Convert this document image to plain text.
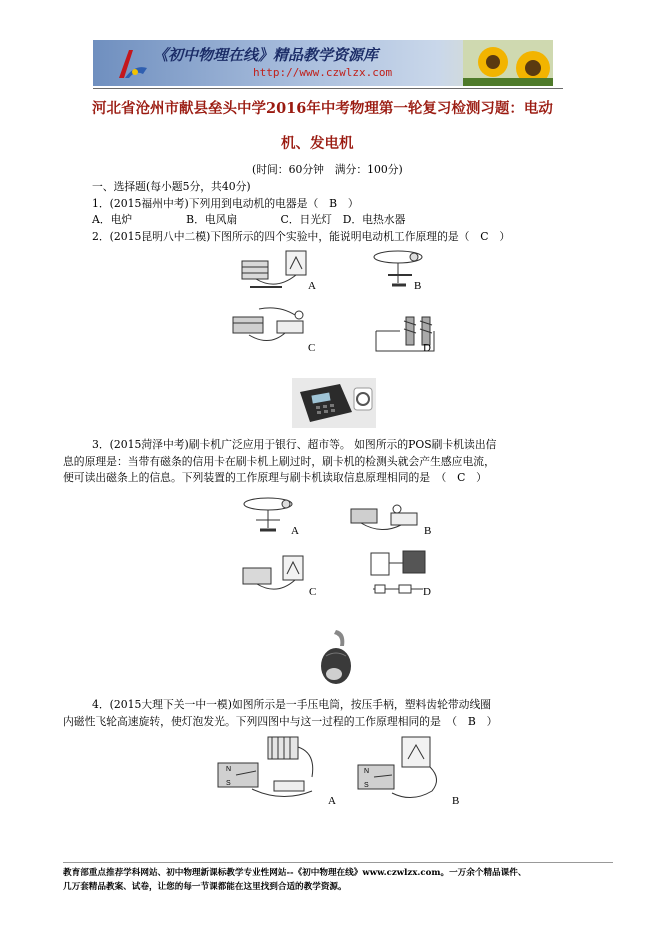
《初中物理在线》精品教学资源库
http://www.czwlzx.com
河北省沧州市献县垒头中学2016年中考物理第一轮复习检测习题：电动
机、发电机
(时间：60分钟　满分：100分)
一、选择题(每小题5分，共40分)
1．(2015福州中考)下列用到电动机的电器是（　B　）
A．电炉　　　　　B．电风扇　　　　C．日光灯　D．电热水器
2．(2015昆明八中二模)下图所示的四个实验中，能说明电动机工作原理的是（　C　）
A	B
C	D
3．(2015菏泽中考)刷卡机广泛应用于银行、超市等。 如图所示的POS刷卡机读出信
息的原理是：当带有磁条的信用卡在刷卡机上刷过时，刷卡机的检测头就会产生感应电流，
便可读出磁条上的信息。下列装置的工作原理与刷卡机读取信息原理相同的是　（　C　）
A	B
C	D
4．(2015大理下关一中一模)如图所示是一手压电筒，按压手柄，塑料齿轮带动线圈
内磁性飞轮高速旋转，使灯泡发光。下列四图中与这一过程的工作原理相同的是　（　B　）
N
S
A
N
S
B
教育部重点推荐学科网站、初中物理新课标教学专业性网站--《初中物理在线》www.czwlzx.com。一万余个精品课件、
几万套精品教案、试卷，让您的每一节课都能在这里找到合适的教学资源。
